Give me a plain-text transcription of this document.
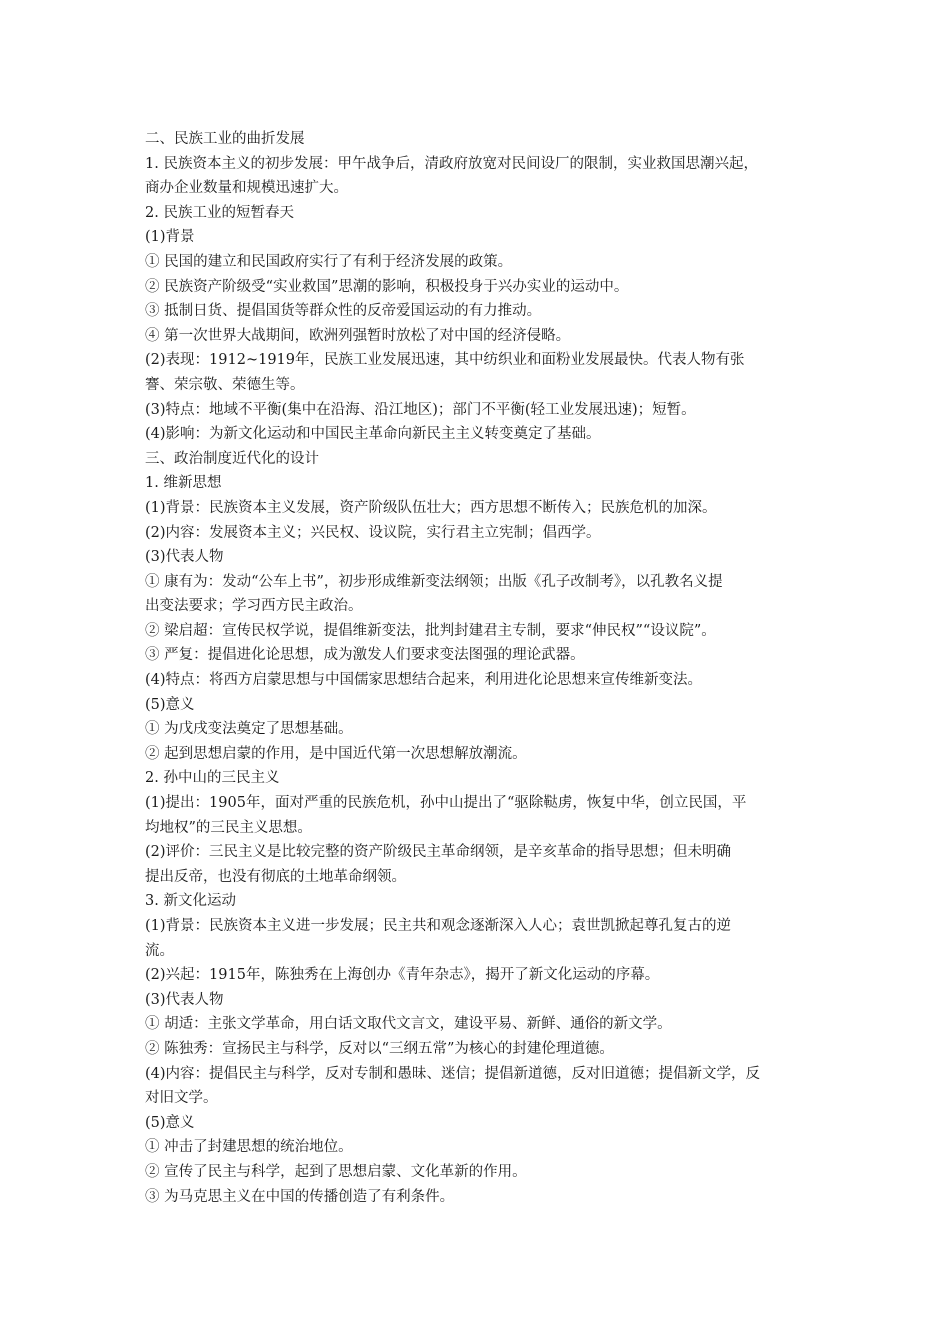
二、民族工业的曲折发展
1. 民族资本主义的初步发展：甲午战争后，清政府放宽对民间设厂的限制，实业救国思潮兴起，
商办企业数量和规模迅速扩大。
2. 民族工业的短暂春天
(1)背景
① 民国的建立和民国政府实行了有利于经济发展的政策。
② 民族资产阶级受“实业救国”思潮的影响，积极投身于兴办实业的运动中。
③ 抵制日货、提倡国货等群众性的反帝爱国运动的有力推动。
④ 第一次世界大战期间，欧洲列强暂时放松了对中国的经济侵略。
(2)表现：1912~1919年，民族工业发展迅速，其中纺织业和面粉业发展最快。代表人物有张
謇、荣宗敬、荣德生等。
(3)特点：地域不平衡(集中在沿海、沿江地区)；部门不平衡(轻工业发展迅速)；短暂。
(4)影响：为新文化运动和中国民主革命向新民主主义转变奠定了基础。
三、政治制度近代化的设计
1. 维新思想
(1)背景：民族资本主义发展，资产阶级队伍壮大；西方思想不断传入；民族危机的加深。
(2)内容：发展资本主义；兴民权、设议院，实行君主立宪制；倡西学。
(3)代表人物
① 康有为：发动“公车上书”，初步形成维新变法纲领；出版《孔子改制考》，以孔教名义提
出变法要求；学习西方民主政治。
② 梁启超：宣传民权学说，提倡维新变法，批判封建君主专制，要求“伸民权”“设议院”。
③ 严复：提倡进化论思想，成为激发人们要求变法图强的理论武器。
(4)特点：将西方启蒙思想与中国儒家思想结合起来，利用进化论思想来宣传维新变法。
(5)意义
① 为戊戌变法奠定了思想基础。
② 起到思想启蒙的作用，是中国近代第一次思想解放潮流。
2. 孙中山的三民主义
(1)提出：1905年，面对严重的民族危机，孙中山提出了“驱除鞑虏，恢复中华，创立民国，平
均地权”的三民主义思想。
(2)评价：三民主义是比较完整的资产阶级民主革命纲领，是辛亥革命的指导思想；但未明确
提出反帝，也没有彻底的土地革命纲领。
3. 新文化运动
(1)背景：民族资本主义进一步发展；民主共和观念逐渐深入人心；袁世凯掀起尊孔复古的逆
流。
(2)兴起：1915年，陈独秀在上海创办《青年杂志》，揭开了新文化运动的序幕。
(3)代表人物
① 胡适：主张文学革命，用白话文取代文言文，建设平易、新鲜、通俗的新文学。
② 陈独秀：宣扬民主与科学，反对以“三纲五常”为核心的封建伦理道德。
(4)内容：提倡民主与科学，反对专制和愚昧、迷信；提倡新道德，反对旧道德；提倡新文学，反
对旧文学。
(5)意义
① 冲击了封建思想的统治地位。
② 宣传了民主与科学，起到了思想启蒙、文化革新的作用。
③ 为马克思主义在中国的传播创造了有利条件。
